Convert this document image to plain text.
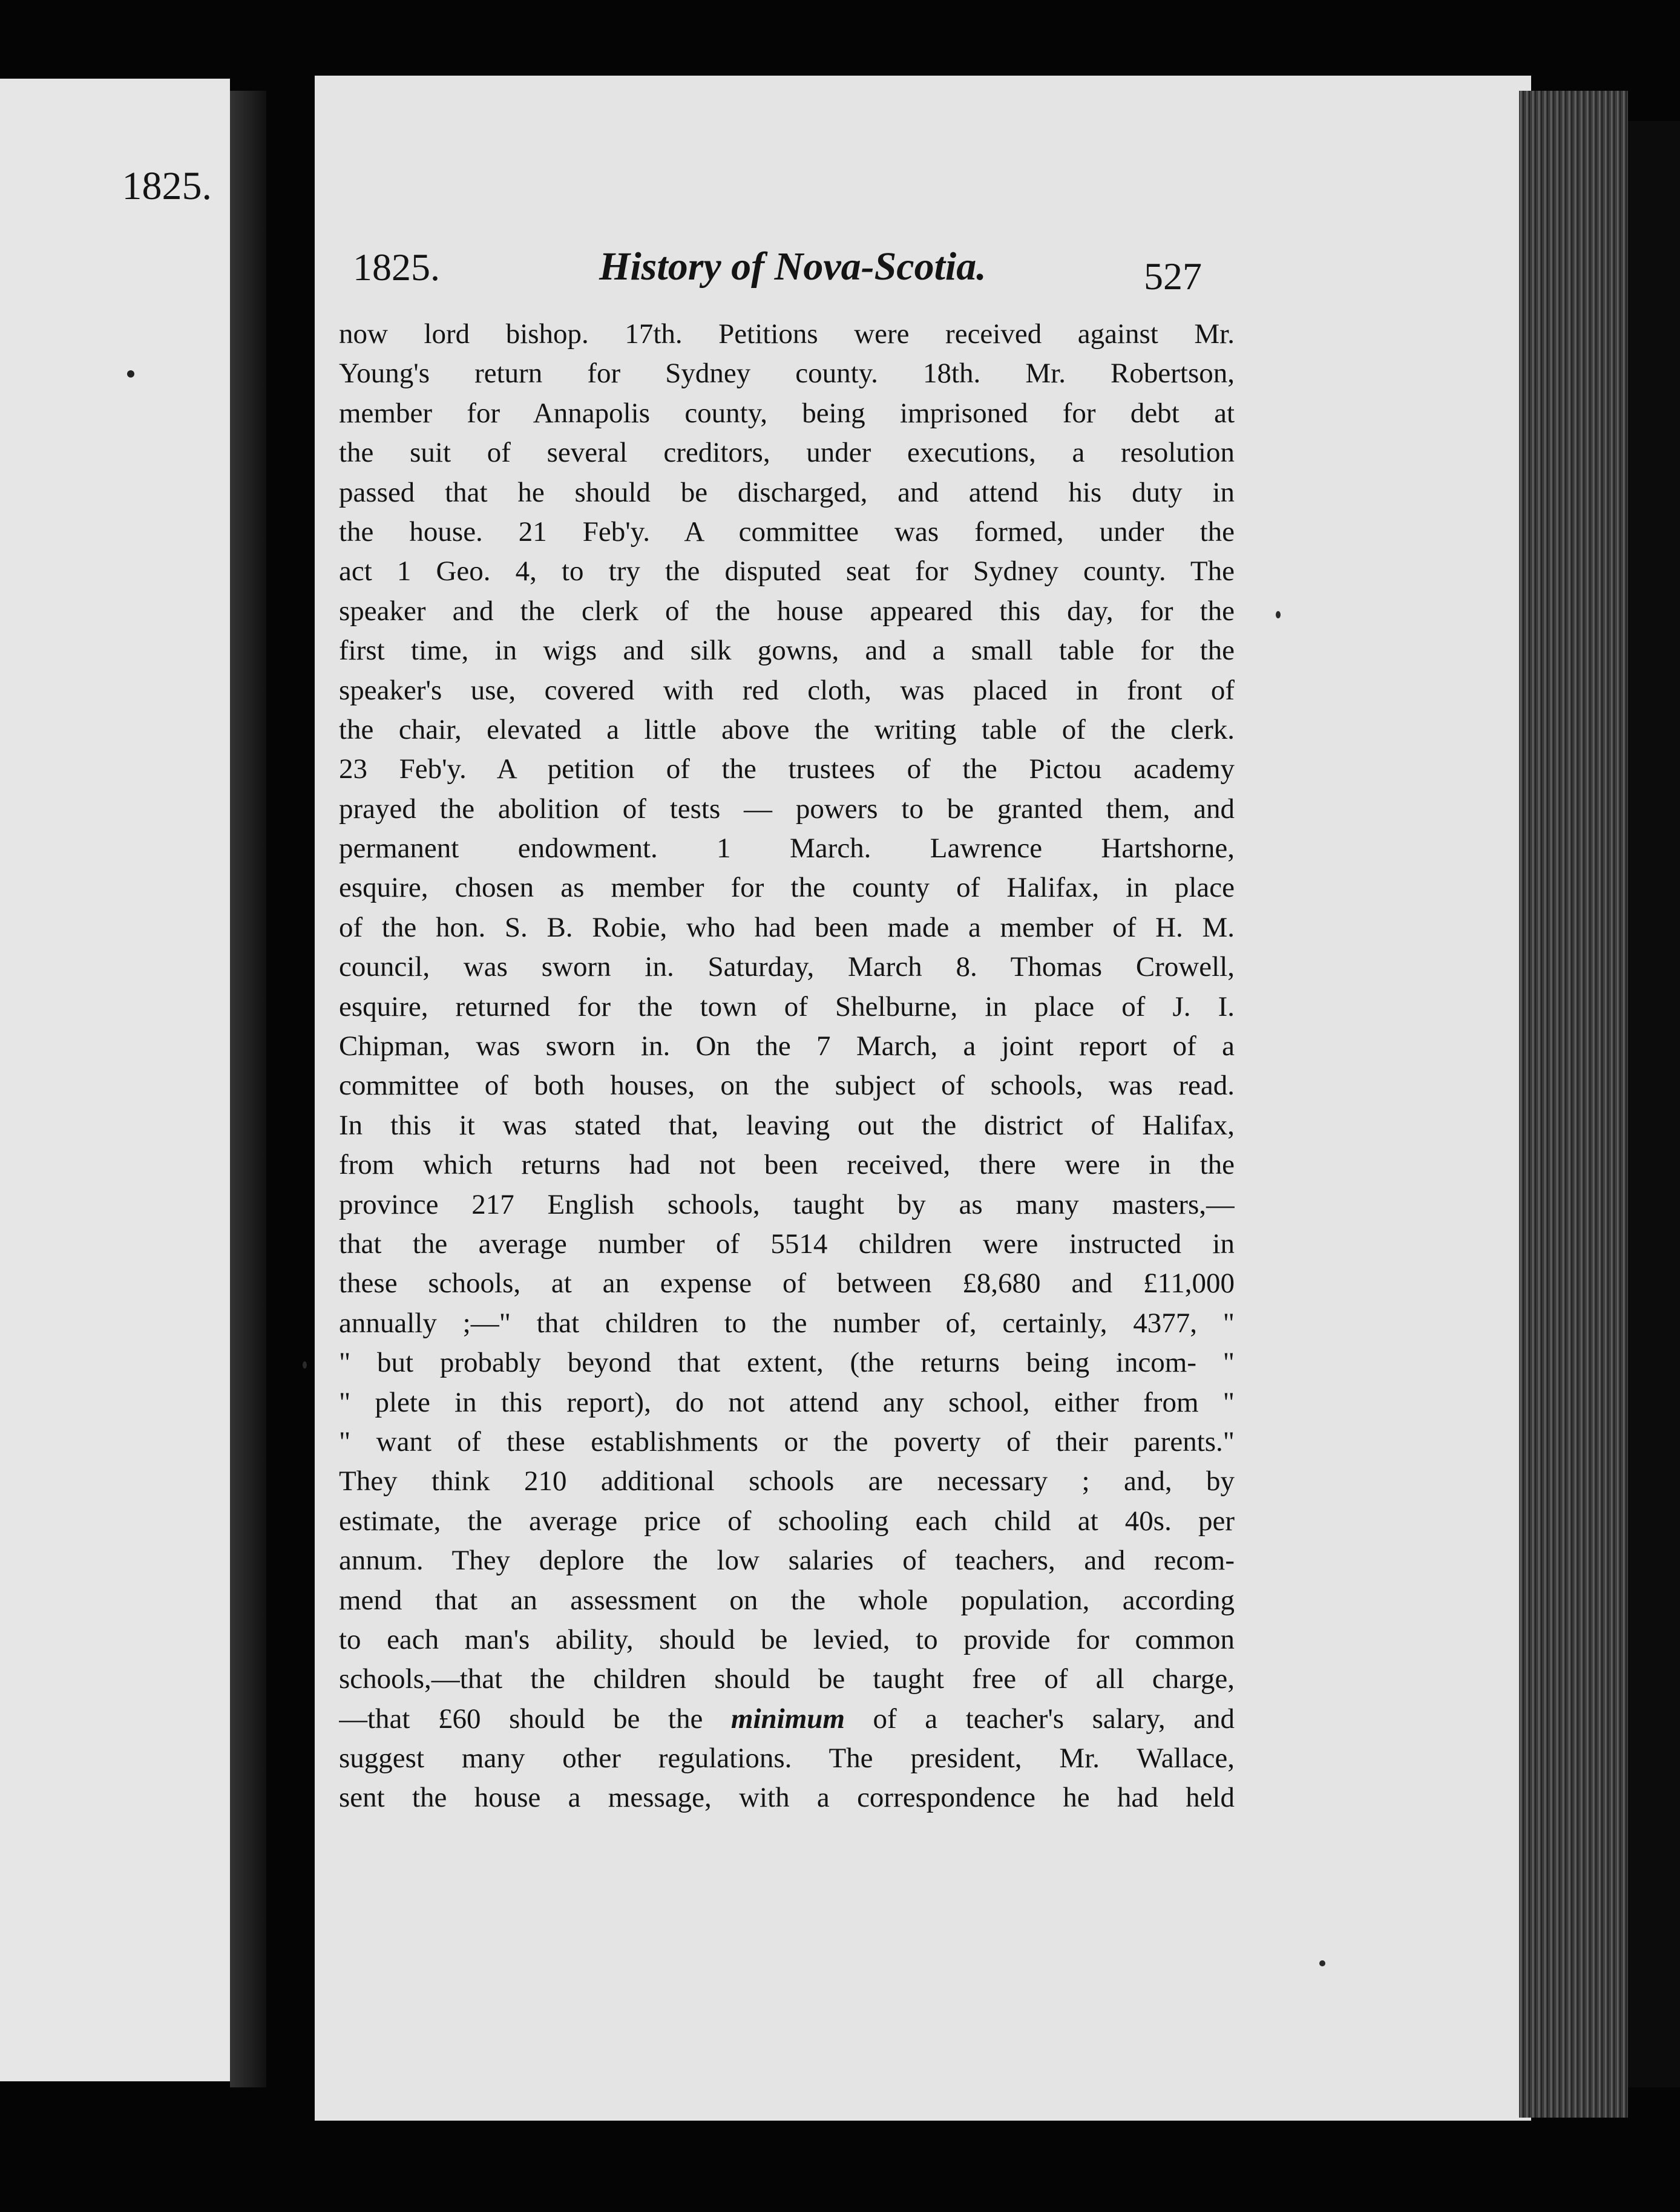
1825.
1825.	History of Nova-Scotia.	527
now lord bishop. 17th. Petitions were received against Mr.
Young's return for Sydney county. 18th. Mr. Robertson,
member for Annapolis county, being imprisoned for debt at
the suit of several creditors, under executions, a resolution
passed that he should be discharged, and attend his duty in
the house. 21 Feb'y. A committee was formed, under the
act 1 Geo. 4, to try the disputed seat for Sydney county. The
speaker and the clerk of the house appeared this day, for the
first time, in wigs and silk gowns, and a small table for the
speaker's use, covered with red cloth, was placed in front of
the chair, elevated a little above the writing table of the clerk.
23 Feb'y. A petition of the trustees of the Pictou academy
prayed the abolition of tests — powers to be granted them, and
permanent endowment. 1 March. Lawrence Hartshorne,
esquire, chosen as member for the county of Halifax, in place
of the hon. S. B. Robie, who had been made a member of H. M.
council, was sworn in. Saturday, March 8. Thomas Crowell,
esquire, returned for the town of Shelburne, in place of J. I.
Chipman, was sworn in. On the 7 March, a joint report of a
committee of both houses, on the subject of schools, was read.
In this it was stated that, leaving out the district of Halifax,
from which returns had not been received, there were in the
province 217 English schools, taught by as many masters,—
that the average number of 5514 children were instructed in
these schools, at an expense of between £8,680 and £11,000
annually ;—" that children to the number of, certainly, 4377, "
" but probably beyond that extent, (the returns being incom- "
" plete in this report), do not attend any school, either from "
" want of these establishments or the poverty of their parents."
They think 210 additional schools are necessary ; and, by
estimate, the average price of schooling each child at 40s. per
annum. They deplore the low salaries of teachers, and recom-
mend that an assessment on the whole population, according
to each man's ability, should be levied, to provide for common
schools,—that the children should be taught free of all charge,
—that £60 should be the minimum of a teacher's salary, and
suggest many other regulations. The president, Mr. Wallace,
sent the house a message, with a correspondence he had held
